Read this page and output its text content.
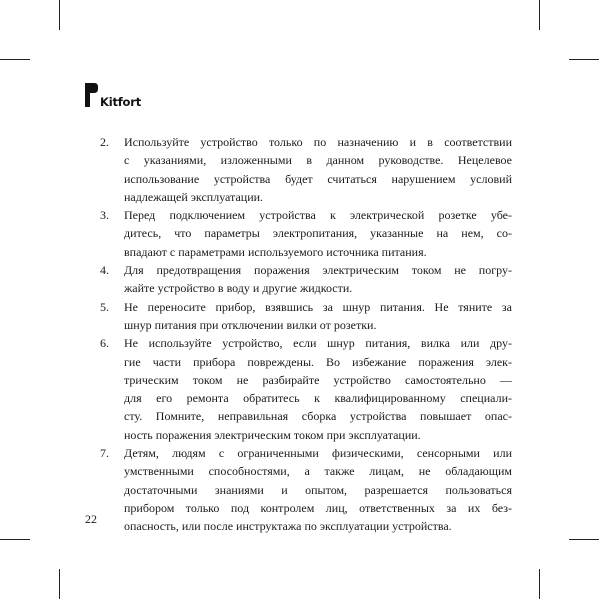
Kitfort
2.	Используйте устройство только по назначению и в соответствии
с указаниями, изложенными в данном руководстве. Нецелевое
использование устройства будет считаться нарушением условий
надлежащей эксплуатации.
3.	Перед подключением устройства к электрической розетке убе-
дитесь, что параметры электропитания, указанные на нем, со-
впадают с параметрами используемого источника питания.
4.	Для предотвращения поражения электрическим током не погру-
жайте устройство в воду и другие жидкости.
5.	Не переносите прибор, взявшись за шнур питания. Не тяните за
шнур питания при отключении вилки от розетки.
6.	Не используйте устройство, если шнур питания, вилка или дру-
гие части прибора повреждены. Во избежание поражения элек-
трическим током не разбирайте устройство самостоятельно —
для его ремонта обратитесь к квалифицированному специали-
сту. Помните, неправильная сборка устройства повышает опас-
ность поражения электрическим током при эксплуатации.
7.	Детям, людям с ограниченными физическими, сенсорными или
умственными способностями, а также лицам, не обладающим
достаточными знаниями и опытом, разрешается пользоваться
прибором только под контролем лиц, ответственных за их без-
опасность, или после инструктажа по эксплуатации устройства.
22
